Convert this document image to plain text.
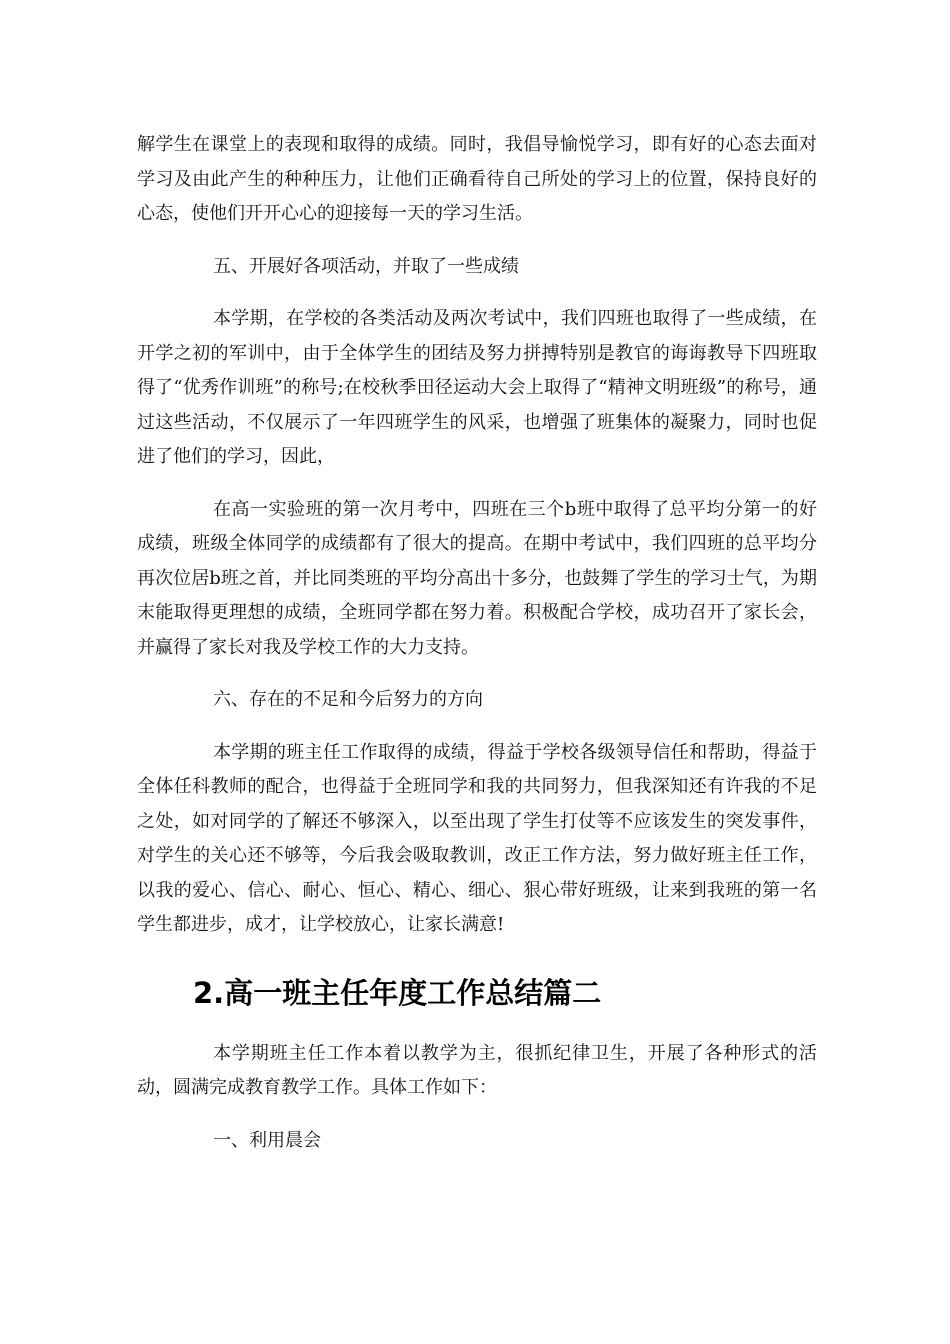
解学生在课堂上的表现和取得的成绩。同时，我倡导愉悦学习，即有好的心态去面对学习及由此产生的种种压力，让他们正确看待自己所处的学习上的位置，保持良好的心态，使他们开开心心的迎接每一天的学习生活。

五、开展好各项活动，并取了一些成绩

本学期，在学校的各类活动及两次考试中，我们四班也取得了一些成绩，在开学之初的军训中，由于全体学生的团结及努力拼搏特别是教官的诲诲教导下四班取得了“优秀作训班”的称号;在校秋季田径运动大会上取得了“精神文明班级”的称号，通过这些活动，不仅展示了一年四班学生的风采，也增强了班集体的凝聚力，同时也促进了他们的学习，因此，

在高一实验班的第一次月考中，四班在三个b班中取得了总平均分第一的好成绩，班级全体同学的成绩都有了很大的提高。在期中考试中，我们四班的总平均分再次位居b班之首，并比同类班的平均分高出十多分，也鼓舞了学生的学习士气，为期末能取得更理想的成绩，全班同学都在努力着。积极配合学校，成功召开了家长会，并赢得了家长对我及学校工作的大力支持。

六、存在的不足和今后努力的方向

本学期的班主任工作取得的成绩，得益于学校各级领导信任和帮助，得益于全体任科教师的配合，也得益于全班同学和我的共同努力，但我深知还有许我的不足之处，如对同学的了解还不够深入，以至出现了学生打仗等不应该发生的突发事件，对学生的关心还不够等，今后我会吸取教训，改正工作方法，努力做好班主任工作，以我的爱心、信心、耐心、恒心、精心、细心、狠心带好班级，让来到我班的第一名学生都进步，成才，让学校放心，让家长满意!

2.高一班主任年度工作总结篇二

本学期班主任工作本着以教学为主，很抓纪律卫生，开展了各种形式的活动，圆满完成教育教学工作。具体工作如下：

一、利用晨会
